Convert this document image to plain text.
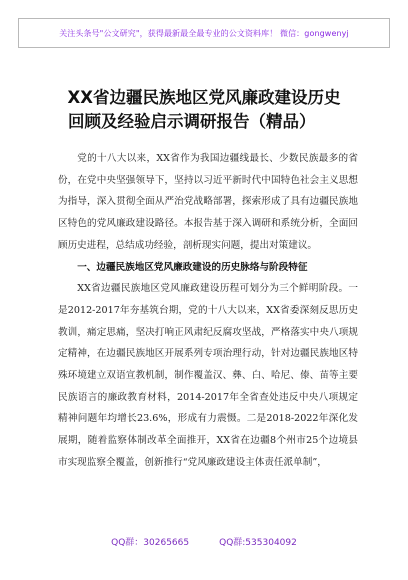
关注头条号"公文研究"，获得最新最全最专业的公文资料库！ 微信：gongwenyj
XX省边疆民族地区党风廉政建设历史
回顾及经验启示调研报告（精品）

党的十八大以来，XX省作为我国边疆线最长、少数民族最多的省份，在党中央坚强领导下，坚持以习近平新时代中国特色社会主义思想为指导，深入贯彻全面从严治党战略部署，探索形成了具有边疆民族地区特色的党风廉政建设路径。本报告基于深入调研和系统分析，全面回顾历史进程，总结成功经验，剖析现实问题，提出对策建议。

一、边疆民族地区党风廉政建设的历史脉络与阶段特征

XX省边疆民族地区党风廉政建设历程可划分为三个鲜明阶段。一是2012-2017年夯基筑台期，党的十八大以来，XX省委深刻反思历史教训，痛定思痛，坚决打响正风肃纪反腐攻坚战，严格落实中央八项规定精神，在边疆民族地区开展系列专项治理行动，针对边疆民族地区特殊环境建立双语宣教机制，制作覆盖汉、彝、白、哈尼、傣、苗等主要民族语言的廉政教育材料，2014-2017年全省查处违反中央八项规定精神问题年均增长23.6%，形成有力震慑。二是2018-2022年深化发展期，随着监察体制改革全面推开，XX省在边疆8个州市25个边境县市实现监察全覆盖，创新推行“党风廉政建设主体责任派单制”，

QQ群：30265665	QQ群:535304092
